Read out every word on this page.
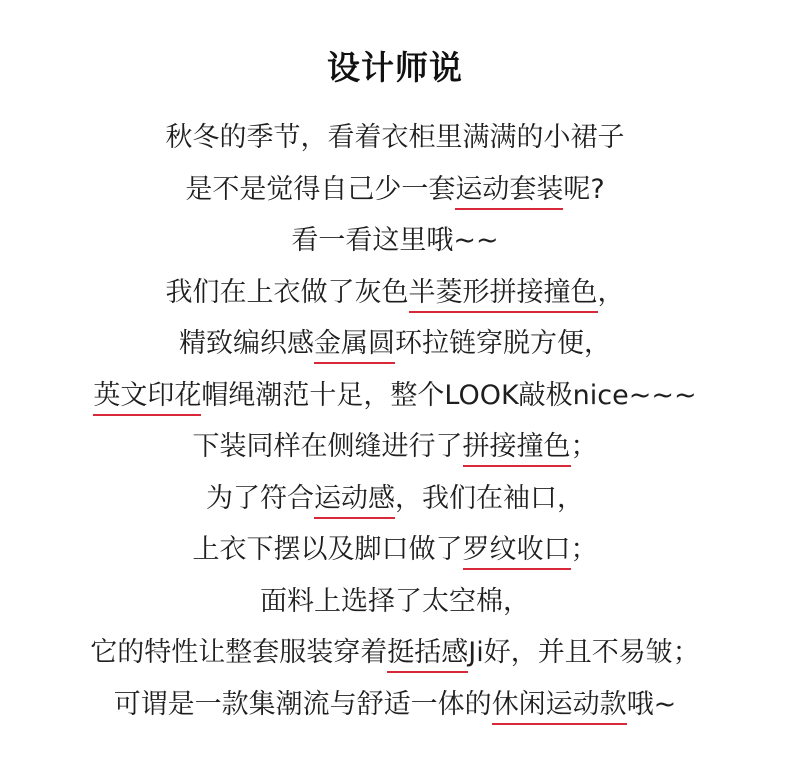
设计师说
秋冬的季节，看着衣柜里满满的小裙子
是不是觉得自己少一套运动套装呢?
看一看这里哦~~
我们在上衣做了灰色半菱形拼接撞色，
精致编织感金属圆环拉链穿脱方便，
英文印花帽绳潮范十足，整个LOOK敲极nice~~~
下装同样在侧缝进行了拼接撞色；
为了符合运动感，我们在袖口，
上衣下摆以及脚口做了罗纹收口；
面料上选择了太空棉，
它的特性让整套服装穿着挺括感Ji好，并且不易皱；
可谓是一款集潮流与舒适一体的休闲运动款哦~
